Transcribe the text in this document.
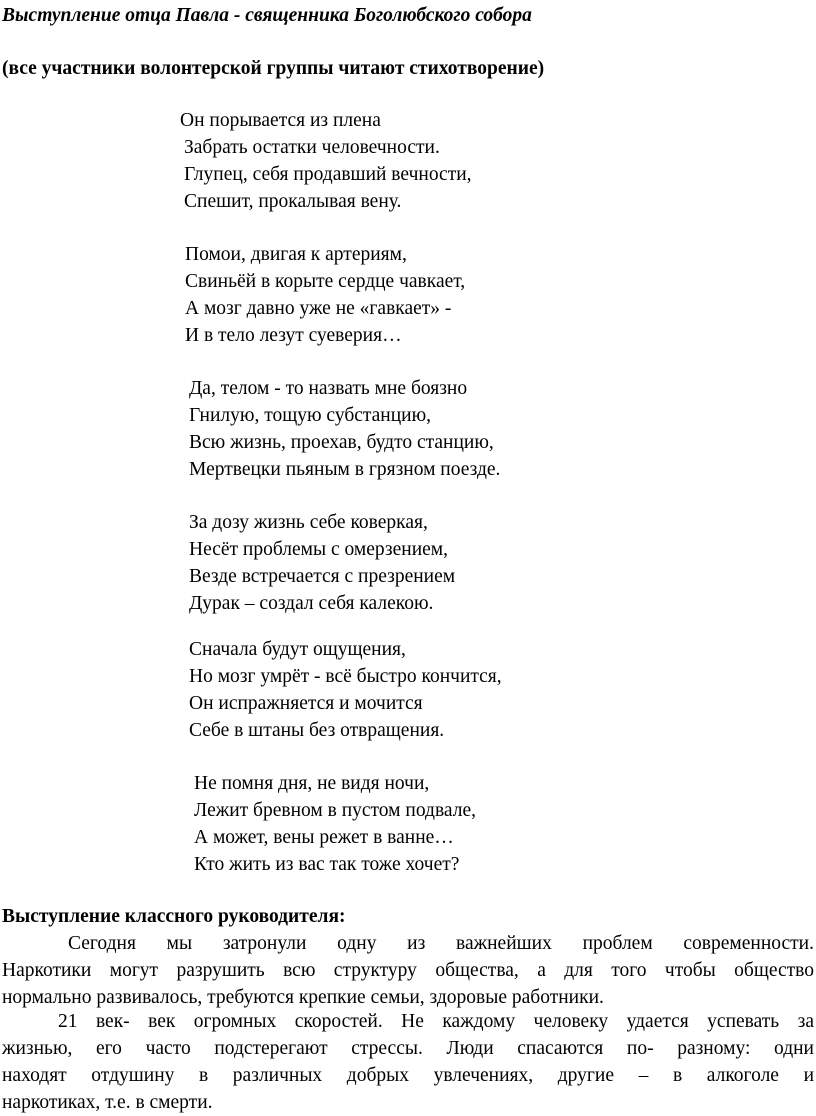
Выступление отца Павла - священника Боголюбского собора
(все участники волонтерской группы читают стихотворение)
Он порывается из плена
Забрать остатки человечности.
Глупец, себя продавший вечности,
Спешит, прокалывая вену.
Помои, двигая к артериям,
Свиньёй в корыте сердце чавкает,
А мозг давно уже не «гавкает» -
И в тело лезут суеверия…
Да, телом - то назвать мне боязно
Гнилую, тощую субстанцию,
Всю жизнь, проехав, будто станцию,
Мертвецки пьяным в грязном поезде.
За дозу жизнь себе коверкая,
Несёт проблемы с омерзением,
Везде встречается с презрением
Дурак – создал себя калекою.
Сначала будут ощущения,
Но мозг умрёт - всё быстро кончится,
Он испражняется и мочится
Себе в штаны без отвращения.
Не помня дня, не видя ночи,
Лежит бревном в пустом подвале,
А может, вены режет в ванне…
Кто жить из вас так тоже хочет?
Выступление классного руководителя:
Сегодня мы затронули одну из важнейших проблем современности.
Наркотики могут разрушить всю структуру общества, а для того чтобы общество
нормально развивалось, требуются крепкие семьи, здоровые работники.
21 век- век огромных скоростей. Не каждому человеку удается успевать за
жизнью, его часто подстерегают стрессы. Люди спасаются по- разному: одни
находят отдушину в различных добрых увлечениях, другие – в алкоголе и
наркотиках, т.е. в смерти.
